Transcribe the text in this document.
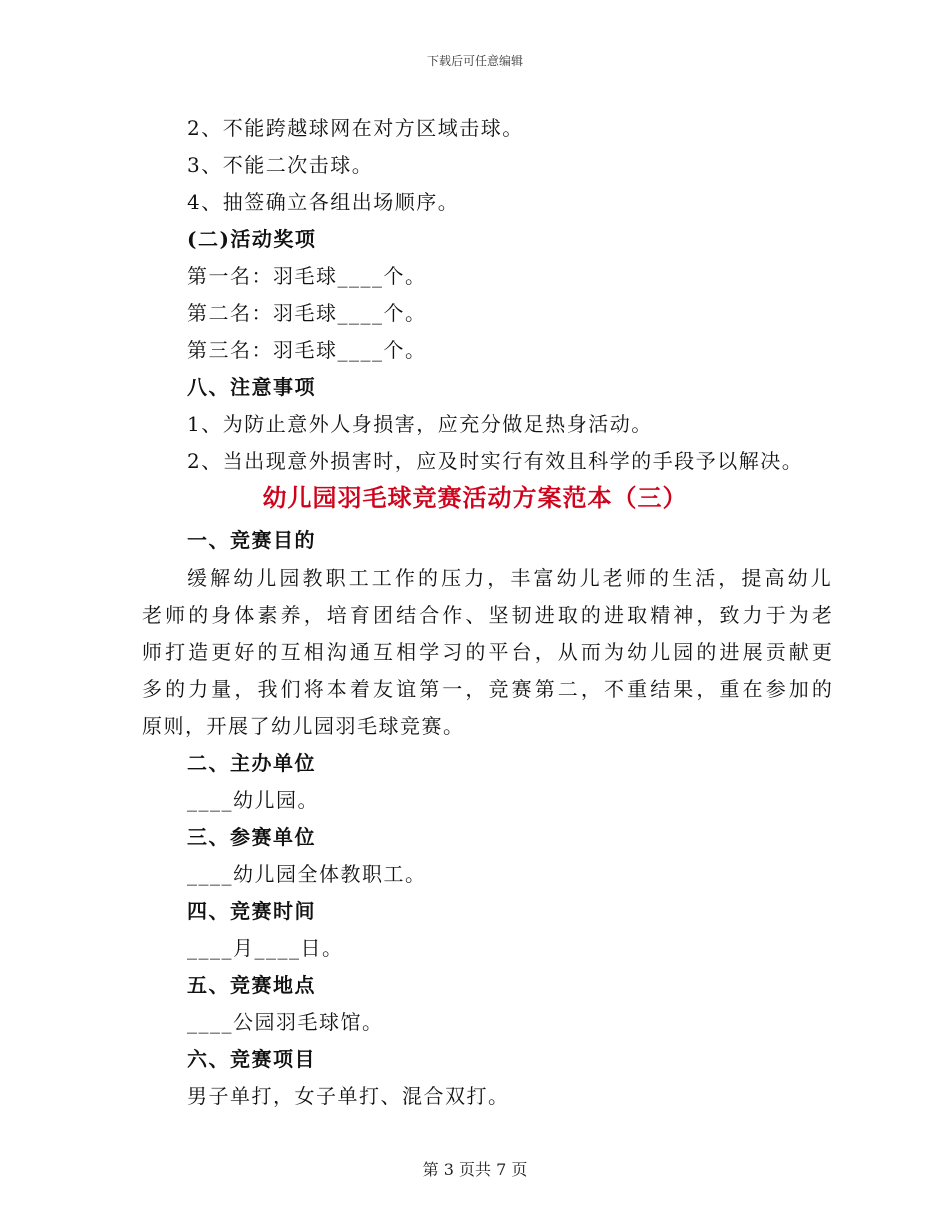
下载后可任意编辑
2、不能跨越球网在对方区域击球。
3、不能二次击球。
4、抽签确立各组出场顺序。
(二)活动奖项
第一名：羽毛球____个。
第二名：羽毛球____个。
第三名：羽毛球____个。
八、注意事项
1、为防止意外人身损害，应充分做足热身活动。
2、当出现意外损害时，应及时实行有效且科学的手段予以解决。
幼儿园羽毛球竞赛活动方案范本（三）
一、竞赛目的
缓解幼儿园教职工工作的压力，丰富幼儿老师的生活，提高幼儿
老师的身体素养，培育团结合作、坚韧进取的进取精神，致力于为老
师打造更好的互相沟通互相学习的平台，从而为幼儿园的进展贡献更
多的力量，我们将本着友谊第一，竞赛第二，不重结果，重在参加的
原则，开展了幼儿园羽毛球竞赛。
二、主办单位
____幼儿园。
三、参赛单位
____幼儿园全体教职工。
四、竞赛时间
____月____日。
五、竞赛地点
____公园羽毛球馆。
六、竞赛项目
男子单打，女子单打、混合双打。
第 3 页共 7 页
